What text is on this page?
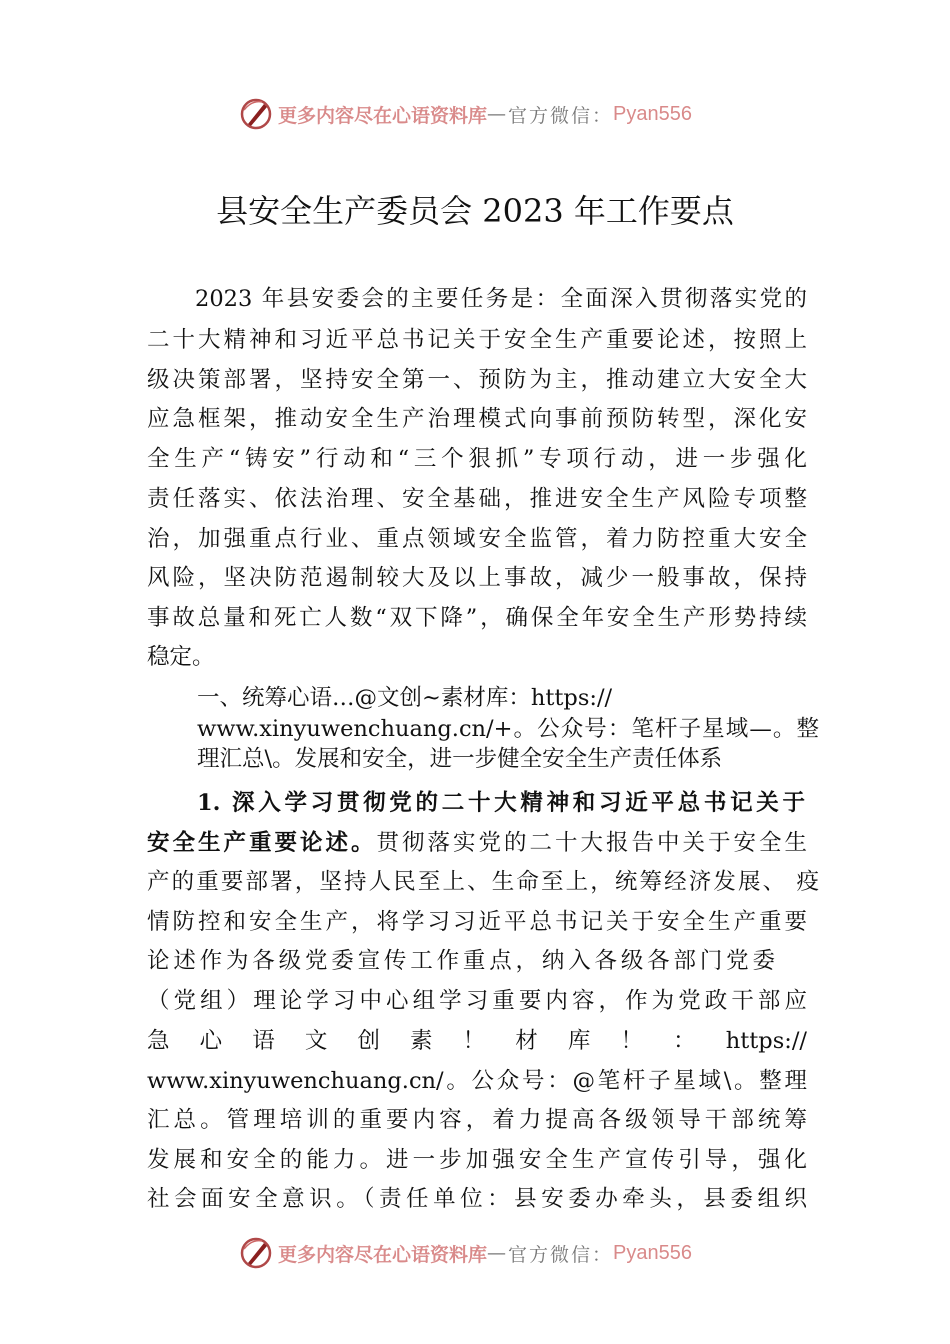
更多内容尽在心语资料库 — 官方微信： Pyan556
县安全生产委员会 2023 年工作要点
2023 年县安委会的主要任务是：全面深入贯彻落实党的
二十大精神和习近平总书记关于安全生产重要论述，按照上
级决策部署，坚持安全第一、预防为主，推动建立大安全大
应急框架，推动安全生产治理模式向事前预防转型，深化安
全生产“铸安”行动和“三个狠抓”专项行动，进一步强化
责任落实、依法治理、安全基础，推进安全生产风险专项整
治，加强重点行业、重点领域安全监管，着力防控重大安全
风险，坚决防范遏制较大及以上事故，减少一般事故，保持
事故总量和死亡人数“双下降”，确保全年安全生产形势持续
稳定。
一、统筹心语…@文创~素材库：https://
www.xinyuwenchuang.cn/+。公众号：笔杆子星域—。整
理汇总\。发展和安全，进一步健全安全生产责任体系
1. 深入学习贯彻党的二十大精神和习近平总书记关于
安全生产重要论述。贯彻落实党的二十大报告中关于安全生
产的重要部署，坚持人民至上、生命至上，统筹经济发展、 疫
情防控和安全生产，将学习习近平总书记关于安全生产重要
论述作为各级党委宣传工作重点，纳入各级各部门党委
（党组）理论学习中心组学习重要内容，作为党政干部应
急 心 语 文 创 素 ！ 材 库 ！ ： https://
www.xinyuwenchuang.cn/。公众号：@笔杆子星域\。整理
汇总。管理培训的重要内容，着力提高各级领导干部统筹
发展和安全的能力。进一步加强安全生产宣传引导，强化
社会面安全意识。（责任单位：县安委办牵头，县委组织
更多内容尽在心语资料库 — 官方微信： Pyan556
